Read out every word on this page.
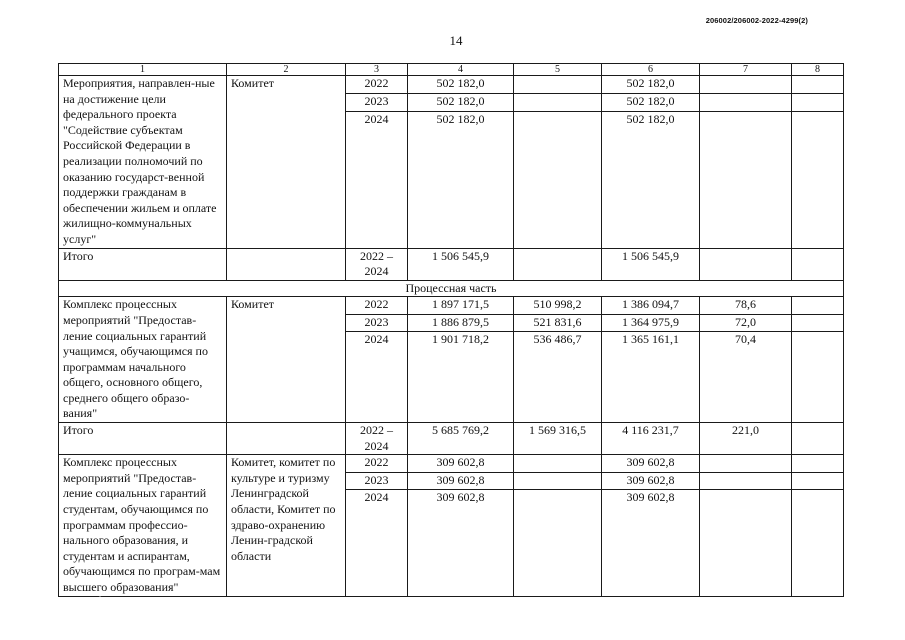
206002/206002-2022-4299(2)
14
1	2	3	4	5	6	7	8
Мероприятия, направлен-ные на достижение цели федерального проекта "Содействие субъектам Российской Федерации в реализации полномочий по оказанию государст-венной поддержки гражданам в обеспечении жильем и оплате жилищно-коммунальных услуг"	Комитет	2022	502 182,0		502 182,0		
		2023	502 182,0		502 182,0		
		2024	502 182,0		502 182,0		
Итого		2022 – 2024	1 506 545,9		1 506 545,9		
Процессная часть							
Комплекс процессных мероприятий "Предостав-ление социальных гарантий учащимся, обучающимся по программам начального общего, основного общего, среднего общего образо-вания"	Комитет	2022	1 897 171,5	510 998,2	1 386 094,7	78,6	
		2023	1 886 879,5	521 831,6	1 364 975,9	72,0	
		2024	1 901 718,2	536 486,7	1 365 161,1	70,4	
Итого		2022 – 2024	5 685 769,2	1 569 316,5	4 116 231,7	221,0	
Комплекс процессных мероприятий "Предостав-ление социальных гарантий студентам, обучающимся по программам профессио-нального образования, и студентам и аспирантам, обучающимся по програм-мам высшего образования"	Комитет, комитет по культуре и туризму Ленинградской области, Комитет по здраво-охранению Ленин-градской области	2022	309 602,8		309 602,8		
		2023	309 602,8		309 602,8		
		2024	309 602,8		309 602,8		
